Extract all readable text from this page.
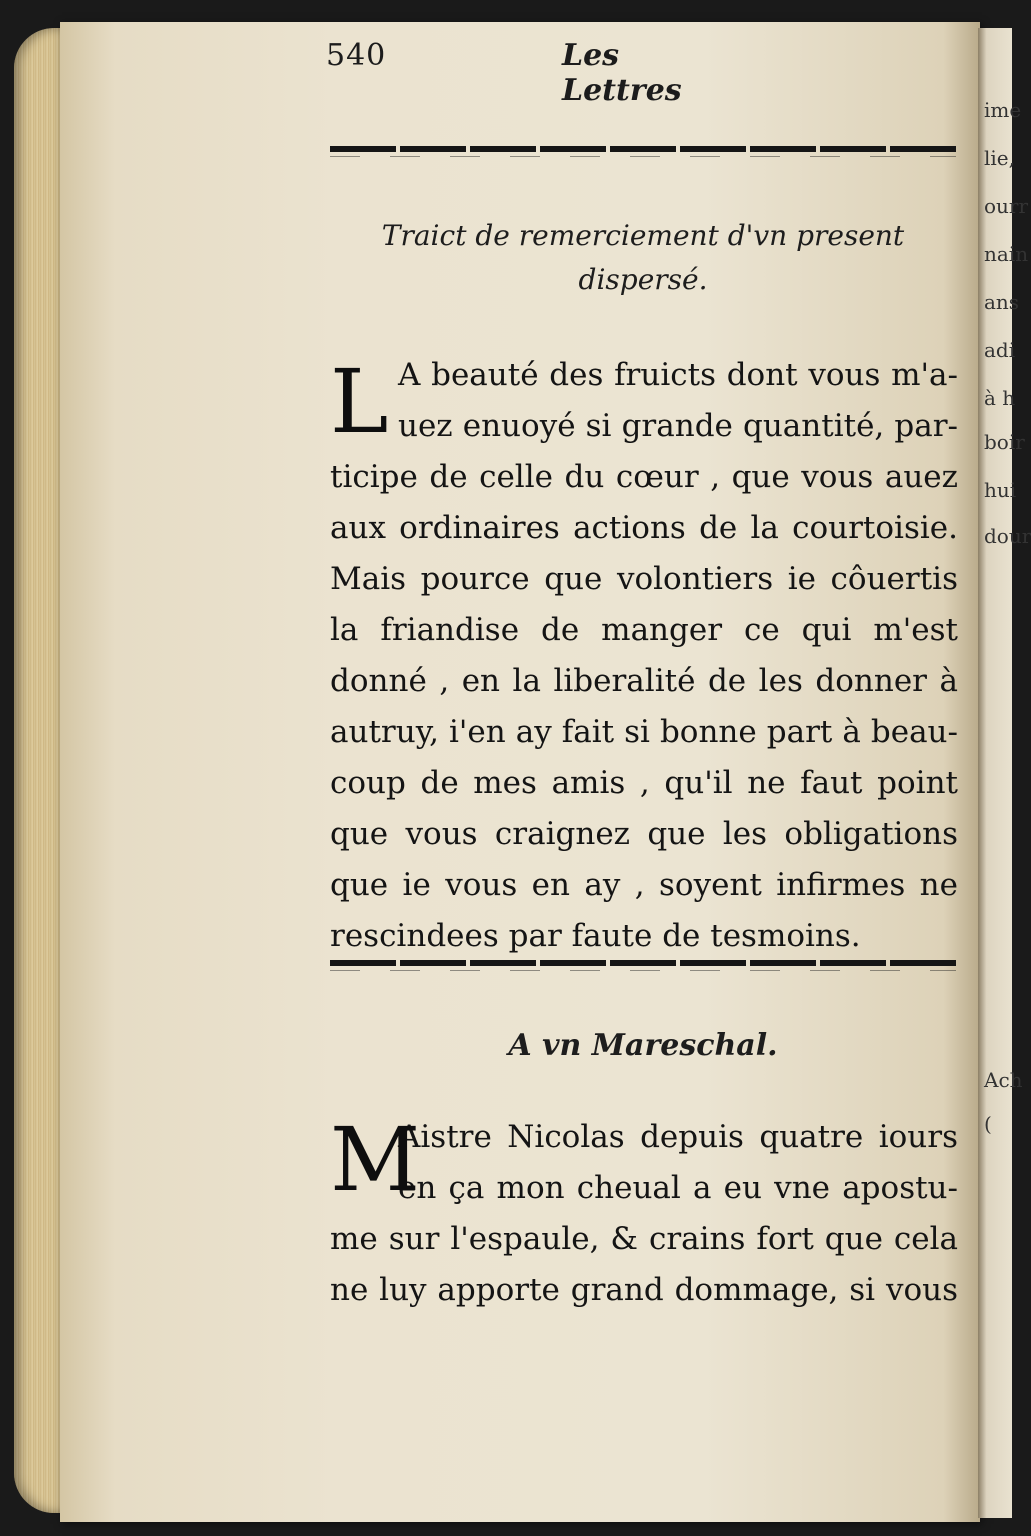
ime
lie,
ourr
nain
ans
adi
à h
boir
hui
dour
Ach
(
540	Les Lettres
Traict de remerciement d'vn present
dispersé.
L A beauté des fruicts dont vous m'a-
uez enuoyé si grande quantité, par-
ticipe de celle du cœur , que vous auez
aux ordinaires actions de la courtoisie.
Mais pource que volontiers ie côuertis
la friandise de manger ce qui m'est
donné , en la liberalité de les donner à
autruy, i'en ay fait si bonne part à beau-
coup de mes amis , qu'il ne faut point
que vous craignez que les obligations
que ie vous en ay , soyent infirmes ne
rescindees par faute de tesmoins.
A vn Mareschal.
M
Aistre Nicolas depuis quatre iours
en ça mon cheual a eu vne apostu-
me sur l'espaule, & crains fort que cela
ne luy apporte grand dommage, si vous
